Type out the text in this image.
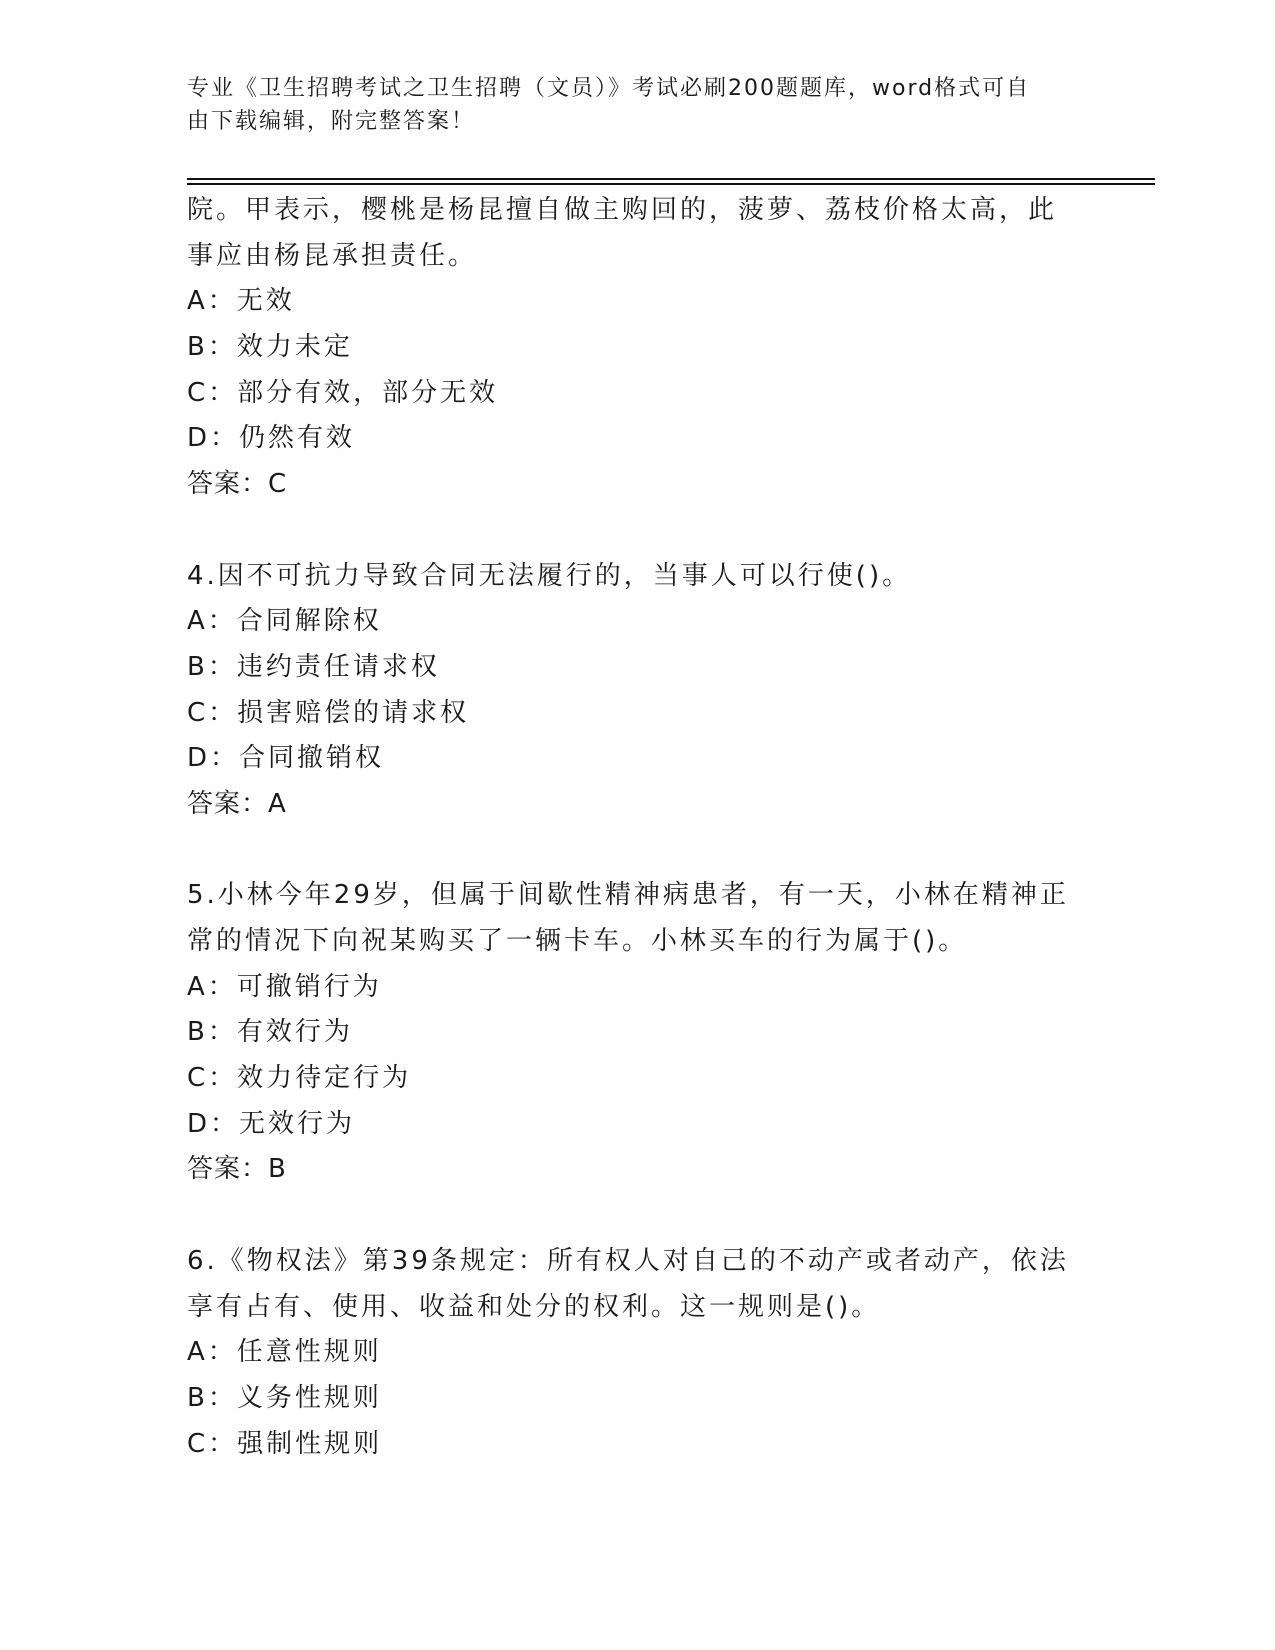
专业《卫生招聘考试之卫生招聘（文员）》考试必刷200题题库，word格式可自
由下载编辑，附完整答案！
院。甲表示，樱桃是杨昆擅自做主购回的，菠萝、荔枝价格太高，此
事应由杨昆承担责任。
A：无效
B：效力未定
C：部分有效，部分无效
D：仍然有效
答案：C
4.因不可抗力导致合同无法履行的，当事人可以行使()。
A：合同解除权
B：违约责任请求权
C：损害赔偿的请求权
D：合同撤销权
答案：A
5.小林今年29岁，但属于间歇性精神病患者，有一天，小林在精神正
常的情况下向祝某购买了一辆卡车。小林买车的行为属于()。
A：可撤销行为
B：有效行为
C：效力待定行为
D：无效行为
答案：B
6.《物权法》第39条规定：所有权人对自己的不动产或者动产，依法
享有占有、使用、收益和处分的权利。这一规则是()。
A：任意性规则
B：义务性规则
C：强制性规则
